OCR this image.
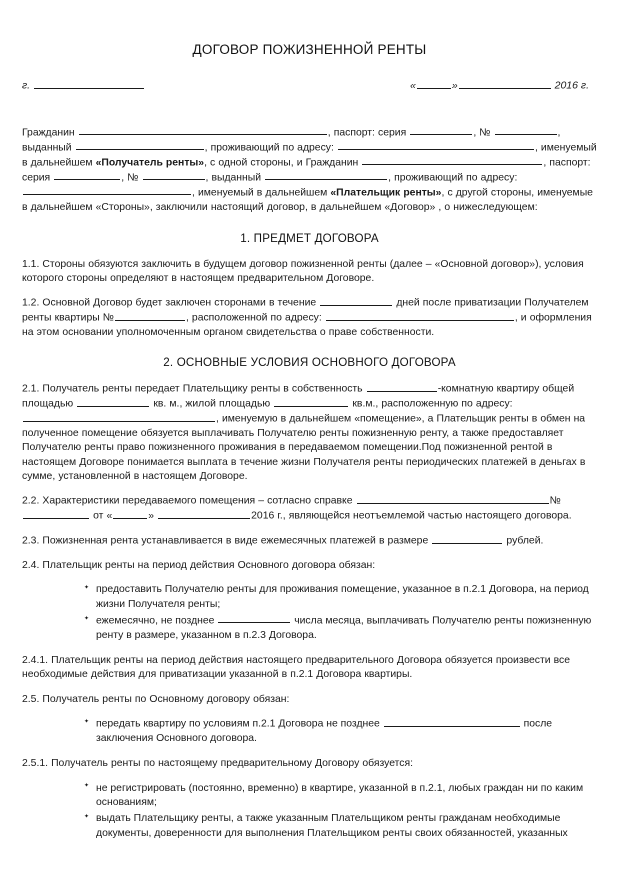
ДОГОВОР ПОЖИЗНЕННОЙ РЕНТЫ
г.	«	»	2016 г.

Гражданин	, паспорт: серия	, №	, выданный	, проживающий по адресу:	, именуемый в дальнейшем «Получатель ренты», с одной стороны, и Гражданин	, паспорт: серия	, №	, выданный	, проживающий по адресу: , именуемый в дальнейшем «Плательщик ренты», с другой стороны, именуемые в дальнейшем «Стороны», заключили настоящий договор, в дальнейшем «Договор» , о нижеследующем:

1. ПРЕДМЕТ ДОГОВОРА

1.1. Стороны обязуются заключить в будущем договор пожизненной ренты (далее – «Основной договор»), условия которого стороны определяют в настоящем предварительном Договоре.

1.2. Основной Договор будет заключен сторонами в течение	дней после приватизации Получателем ренты квартиры №	, расположенной по адресу:	, и оформления на этом основании уполномоченным органом свидетельства о праве собственности.

2. ОСНОВНЫЕ УСЛОВИЯ ОСНОВНОГО ДОГОВОРА

2.1. Получатель ренты передает Плательщику ренты в собственность	-комнатную квартиру общей площадью	кв. м., жилой площадью	кв.м., расположенную по адресу: , именуемую в дальнейшем «помещение», а Плательщик ренты в обмен на полученное помещение обязуется выплачивать Получателю ренты пожизненную ренту, а также предоставляет Получателю ренты право пожизненного проживания в передаваемом помещении.Под пожизненной рентой в настоящем Договоре понимается выплата в течение жизни Получателя ренты периодических платежей в деньгах в сумме, установленной в настоящем Договоре.

2.2. Характеристики передаваемого помещения – сотласно справке	№ от «	»	2016 г., являющейся неотъемлемой частью настоящего договора.

2.3. Пожизненная рента устанавливается в виде ежемесячных платежей в размере	рублей.

2.4. Плательщик ренты на период действия Основного договора обязан:

✦ предоставить Получателю ренты для проживания помещение, указанное в п.2.1 Договора, на период жизни Получателя ренты;
✦ ежемесячно, не позднее	числа месяца, выплачивать Получателю ренты пожизненную ренту в размере, указанном в п.2.3 Договора.

2.4.1. Плательщик ренты на период действия настоящего предварительного Договора обязуется произвести все необходимые действия для приватизации указанной в п.2.1 Договора квартиры.

2.5. Получатель ренты по Основному договору обязан:

✦ передать квартиру по условиям п.2.1 Договора не позднее	после заключения Основного договора.

2.5.1. Получатель ренты по настоящему предварительному Договору обязуется:

✦ не регистрировать (постоянно, временно) в квартире, указанной в п.2.1, любых граждан ни по каким основаниям;
✦ выдать Плательщику ренты, а также указанным Плательщиком ренты гражданам необходимые документы, доверенности для выполнения Плательщиком ренты своих обязанностей, указанных
